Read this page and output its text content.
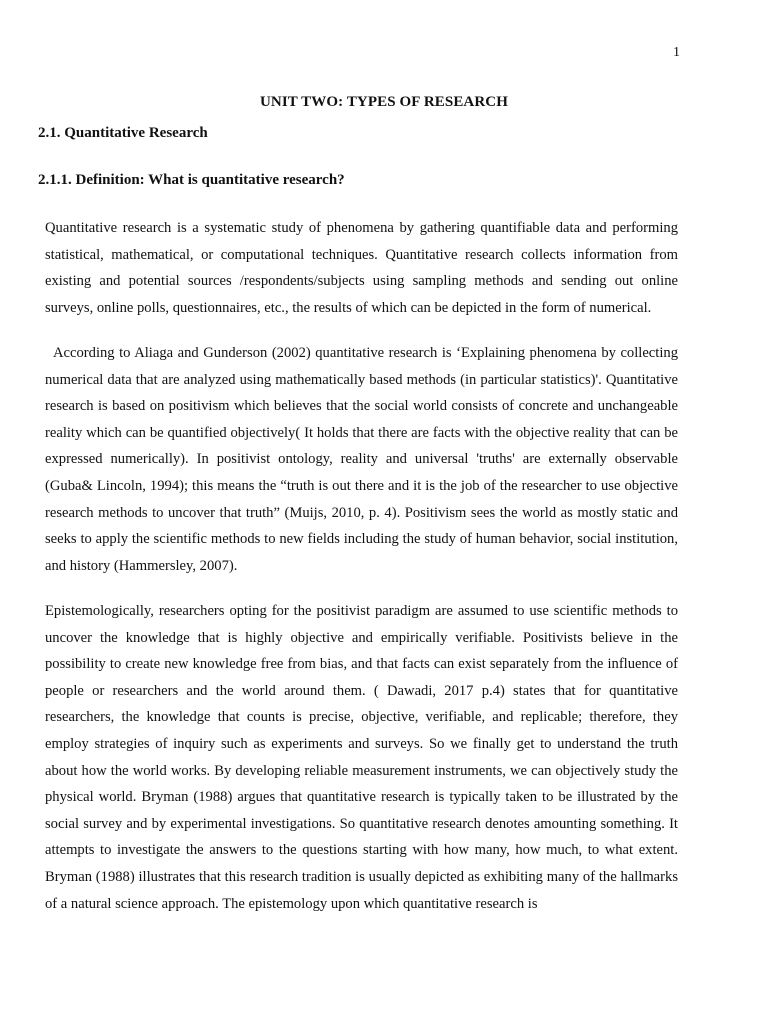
1
UNIT TWO: TYPES OF RESEARCH
2.1. Quantitative Research
2.1.1. Definition: What is quantitative research?

Quantitative research is a systematic study of phenomena by gathering quantifiable data and performing statistical, mathematical, or computational techniques. Quantitative research collects information from existing and potential sources /respondents/subjects using sampling methods and sending out online surveys, online polls, questionnaires, etc., the results of which can be depicted in the form of numerical.

According to Aliaga and Gunderson (2002) quantitative research is ‘Explaining phenomena by collecting numerical data that are analyzed using mathematically based methods (in particular statistics)'. Quantitative research is based on positivism which believes that the social world consists of concrete and unchangeable reality which can be quantified objectively( It holds that there are facts with the objective reality that can be expressed numerically). In positivist ontology, reality and universal 'truths' are externally observable (Guba& Lincoln, 1994); this means the “truth is out there and it is the job of the researcher to use objective research methods to uncover that truth” (Muijs, 2010, p. 4). Positivism sees the world as mostly static and seeks to apply the scientific methods to new fields including the study of human behavior, social institution, and history (Hammersley, 2007).

Epistemologically, researchers opting for the positivist paradigm are assumed to use scientific methods to uncover the knowledge that is highly objective and empirically verifiable. Positivists believe in the possibility to create new knowledge free from bias, and that facts can exist separately from the influence of people or researchers and the world around them. ( Dawadi, 2017 p.4) states that for quantitative researchers, the knowledge that counts is precise, objective, verifiable, and replicable; therefore, they employ strategies of inquiry such as experiments and surveys. So we finally get to understand the truth about how the world works. By developing reliable measurement instruments, we can objectively study the physical world. Bryman (1988) argues that quantitative research is typically taken to be illustrated by the social survey and by experimental investigations. So quantitative research denotes amounting something. It attempts to investigate the answers to the questions starting with how many, how much, to what extent. Bryman (1988) illustrates that this research tradition is usually depicted as exhibiting many of the hallmarks of a natural science approach. The epistemology upon which quantitative research is
